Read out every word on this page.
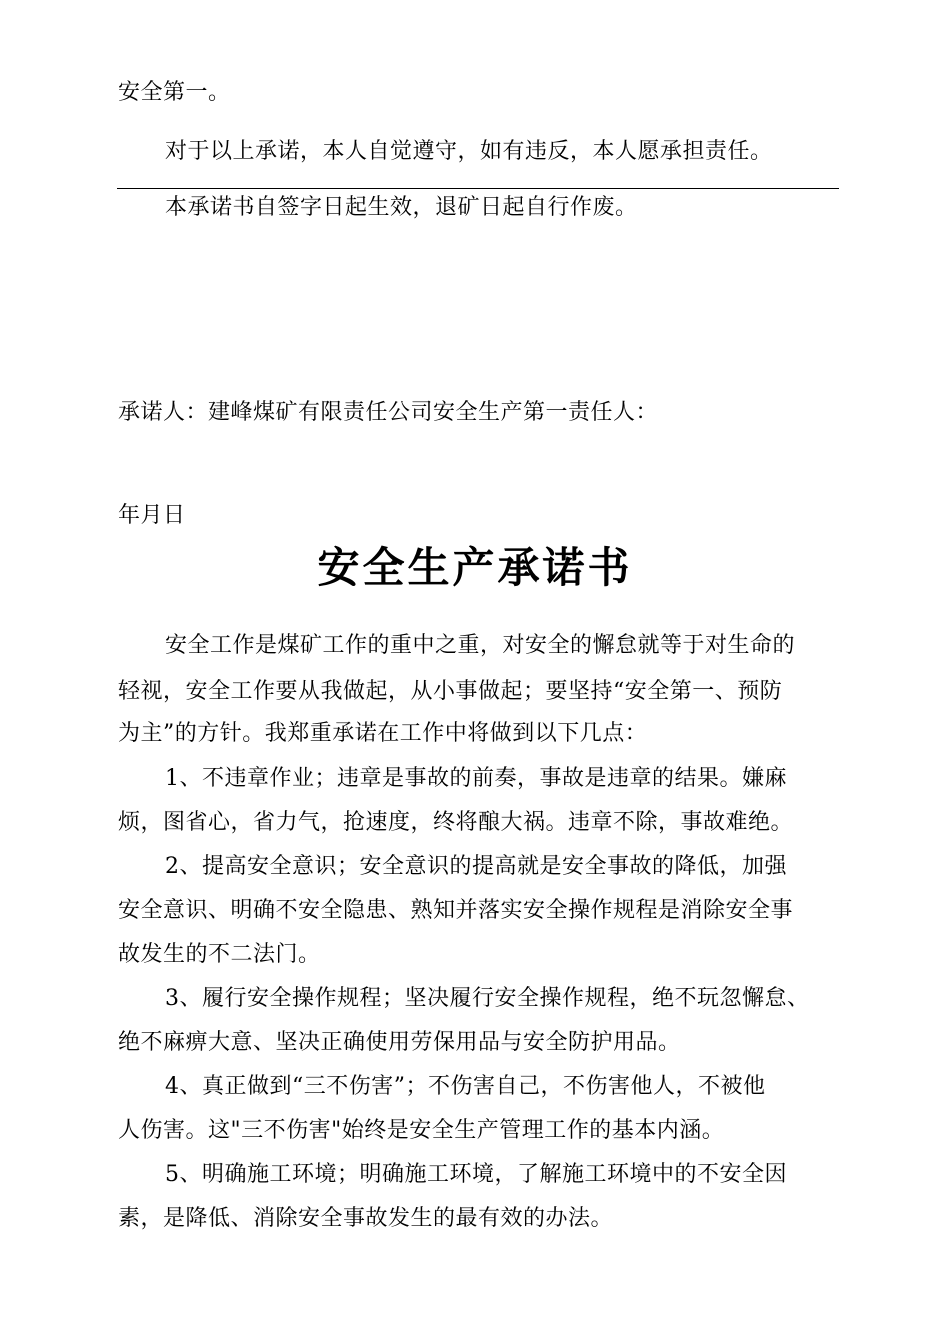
安全第一。
对于以上承诺，本人自觉遵守，如有违反，本人愿承担责任。
本承诺书自签字日起生效，退矿日起自行作废。
承诺人：建峰煤矿有限责任公司安全生产第一责任人：
年月日
安全生产承诺书
安全工作是煤矿工作的重中之重，对安全的懈怠就等于对生命的
轻视，安全工作要从我做起，从小事做起；要坚持“安全第一、预防
为主”的方针。我郑重承诺在工作中将做到以下几点：
1、不违章作业；违章是事故的前奏，事故是违章的结果。嫌麻
烦，图省心，省力气，抢速度，终将酿大祸。违章不除，事故难绝。
2、提高安全意识；安全意识的提高就是安全事故的降低，加强
安全意识、明确不安全隐患、熟知并落实安全操作规程是消除安全事
故发生的不二法门。
3、履行安全操作规程；坚决履行安全操作规程，绝不玩忽懈怠、
绝不麻痹大意、坚决正确使用劳保用品与安全防护用品。
4、真正做到“三不伤害”；不伤害自己，不伤害他人，不被他
人伤害。这"三不伤害"始终是安全生产管理工作的基本内涵。
5、明确施工环境；明确施工环境，了解施工环境中的不安全因
素，是降低、消除安全事故发生的最有效的办法。
